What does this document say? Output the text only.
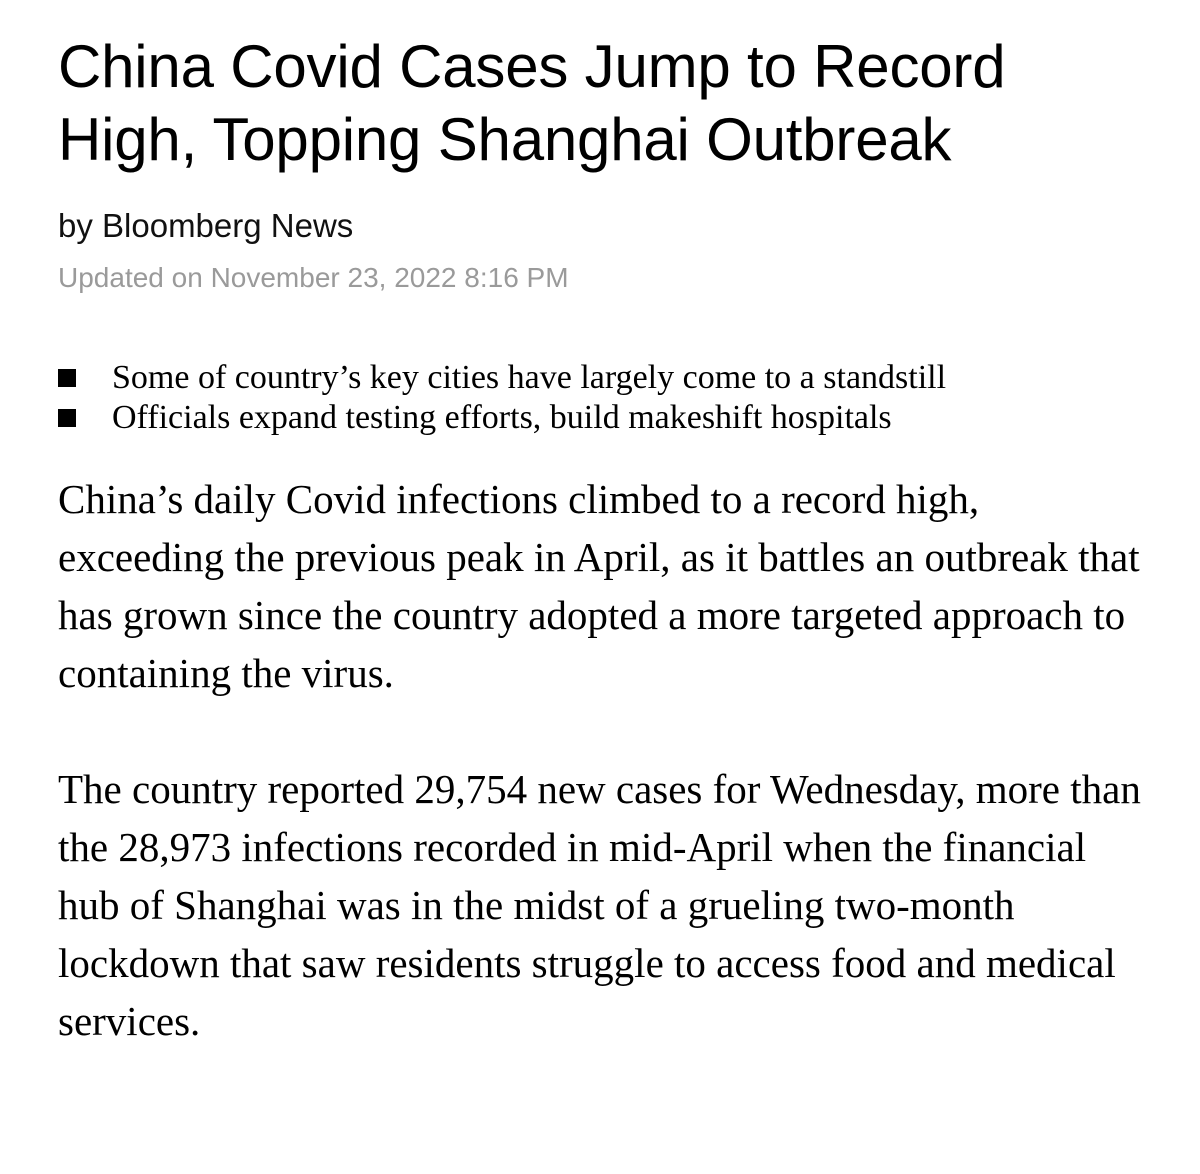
China Covid Cases Jump to Record High, Topping Shanghai Outbreak
by Bloomberg News
Updated on November 23, 2022 8:16 PM
Some of country’s key cities have largely come to a standstill
Officials expand testing efforts, build makeshift hospitals

China’s daily Covid infections climbed to a record high, exceeding the previous peak in April, as it battles an outbreak that has grown since the country adopted a more targeted approach to containing the virus.

The country reported 29,754 new cases for Wednesday, more than the 28,973 infections recorded in mid-April when the financial hub of Shanghai was in the midst of a grueling two-month lockdown that saw residents struggle to access food and medical services.
